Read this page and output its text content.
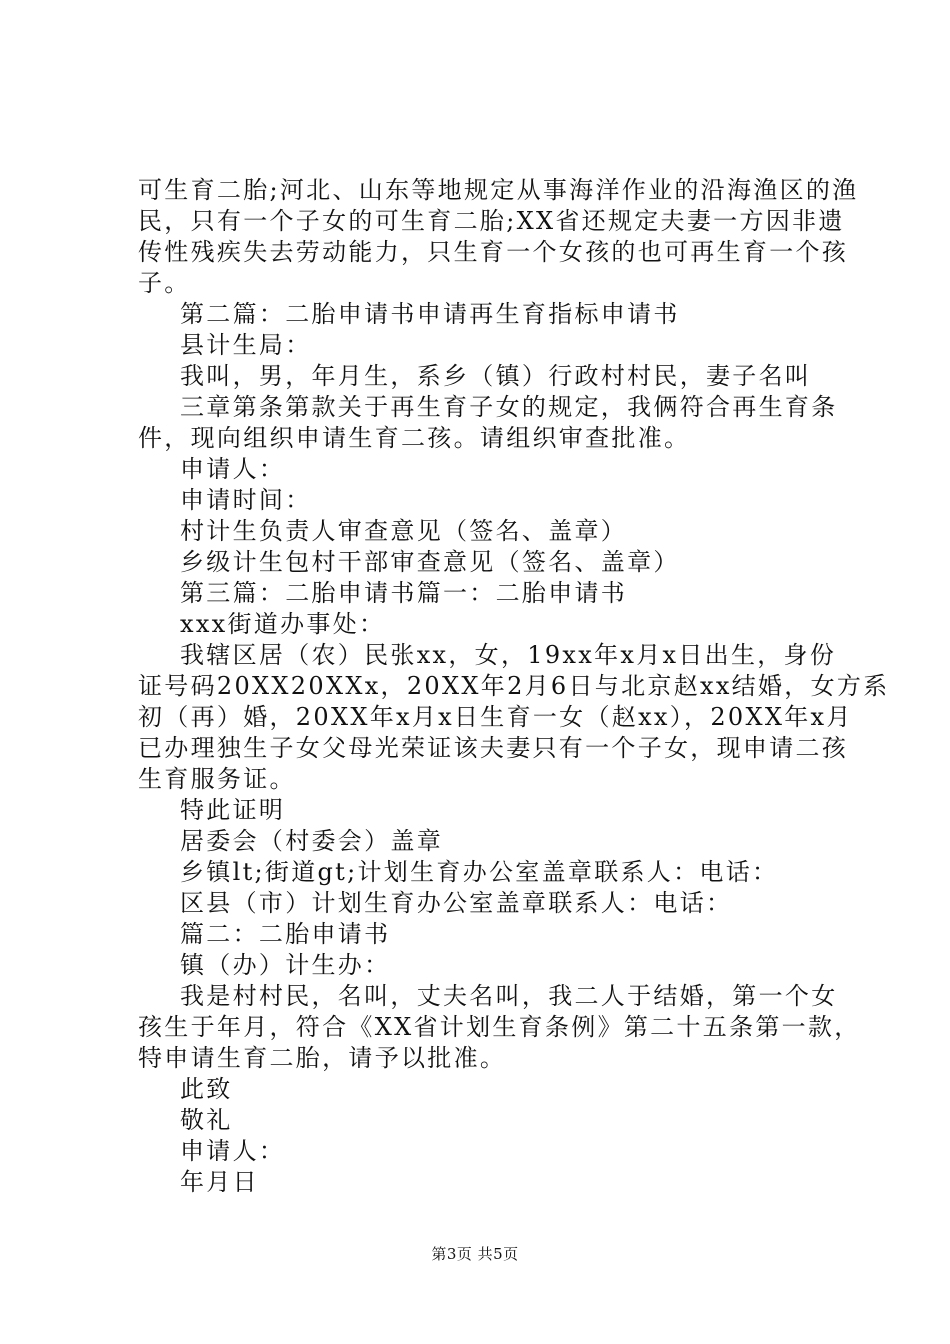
可生育二胎;河北、山东等地规定从事海洋作业的沿海渔区的渔
民，只有一个子女的可生育二胎;XX省还规定夫妻一方因非遗
传性残疾失去劳动能力，只生育一个女孩的也可再生育一个孩
子。
第二篇：二胎申请书申请再生育指标申请书
县计生局：
我叫，男，年月生，系乡（镇）行政村村民，妻子名叫
三章第条第款关于再生育子女的规定，我俩符合再生育条
件，现向组织申请生育二孩。请组织审查批准。
申请人：
申请时间：
村计生负责人审查意见（签名、盖章）
乡级计生包村干部审查意见（签名、盖章）
第三篇：二胎申请书篇一：二胎申请书
xxx街道办事处：
我辖区居（农）民张xx，女，19xx年x月x日出生，身份
证号码20XX20XXx，20XX年2月6日与北京赵xx结婚，女方系
初（再）婚，20XX年x月x日生育一女（赵xx），20XX年x月
已办理独生子女父母光荣证该夫妻只有一个子女，现申请二孩
生育服务证。
特此证明
居委会（村委会）盖章
乡镇lt;街道gt;计划生育办公室盖章联系人：电话：
区县（市）计划生育办公室盖章联系人：电话：
篇二：二胎申请书
镇（办）计生办：
我是村村民，名叫，丈夫名叫，我二人于结婚，第一个女
孩生于年月，符合《XX省计划生育条例》第二十五条第一款，
特申请生育二胎，请予以批准。
此致
敬礼
申请人：
年月日
第3页 共5页
